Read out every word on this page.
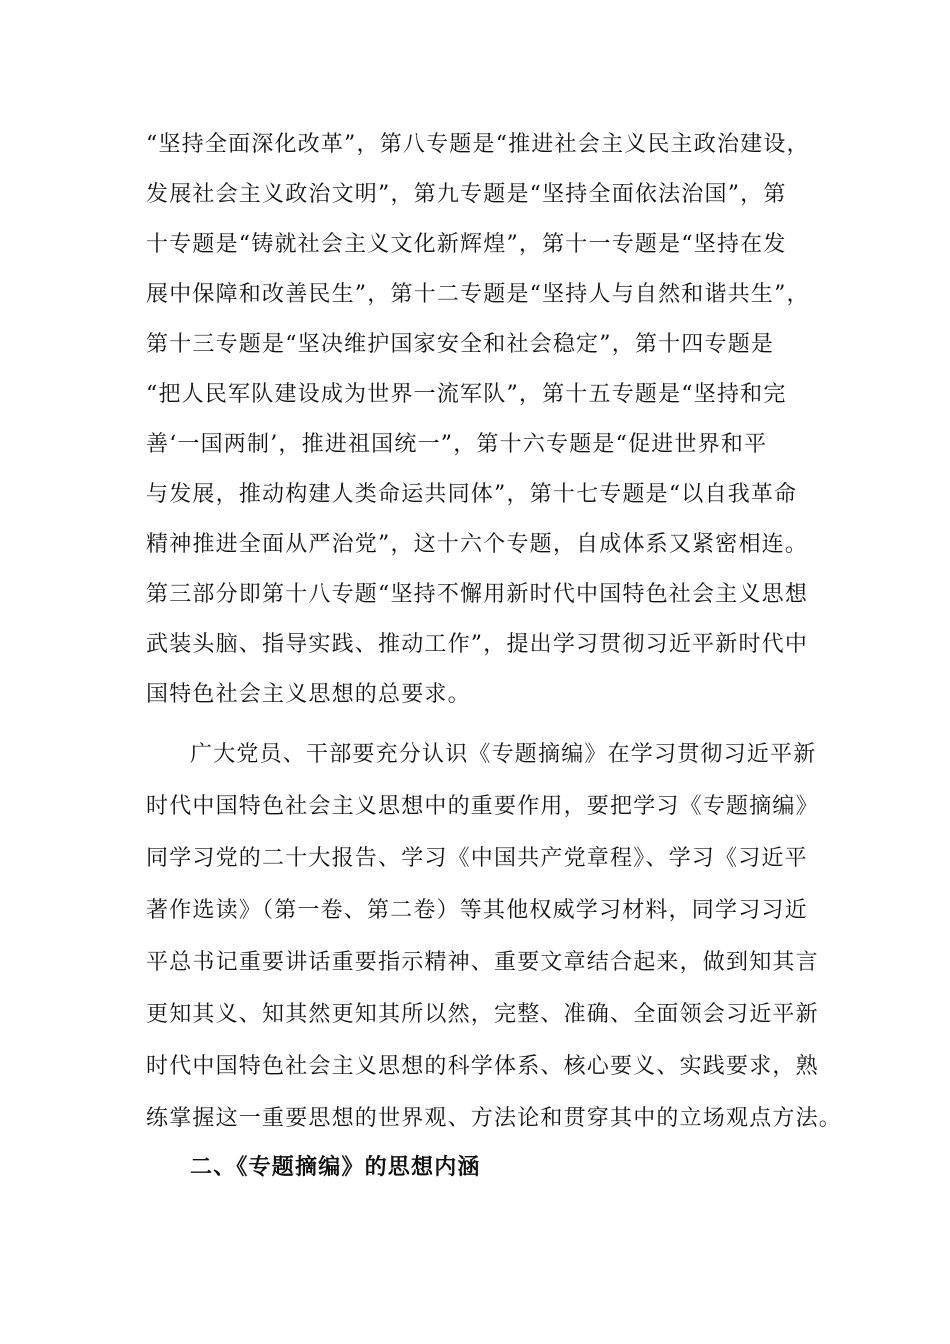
“坚持全面深化改革”，第八专题是“推进社会主义民主政治建设，
发展社会主义政治文明”，第九专题是“坚持全面依法治国”，第
十专题是“铸就社会主义文化新辉煌”，第十一专题是“坚持在发
展中保障和改善民生”，第十二专题是“坚持人与自然和谐共生”，
第十三专题是“坚决维护国家安全和社会稳定”，第十四专题是
“把人民军队建设成为世界一流军队”，第十五专题是“坚持和完
善‘一国两制’，推进祖国统一”，第十六专题是“促进世界和平
与发展，推动构建人类命运共同体”，第十七专题是“以自我革命
精神推进全面从严治党”，这十六个专题，自成体系又紧密相连。
第三部分即第十八专题“坚持不懈用新时代中国特色社会主义思想
武装头脑、指导实践、推动工作”，提出学习贯彻习近平新时代中
国特色社会主义思想的总要求。
广大党员、干部要充分认识《专题摘编》在学习贯彻习近平新
时代中国特色社会主义思想中的重要作用，要把学习《专题摘编》
同学习党的二十大报告、学习《中国共产党章程》、学习《习近平
著作选读》（第一卷、第二卷）等其他权威学习材料，同学习习近
平总书记重要讲话重要指示精神、重要文章结合起来，做到知其言
更知其义、知其然更知其所以然，完整、准确、全面领会习近平新
时代中国特色社会主义思想的科学体系、核心要义、实践要求，熟
练掌握这一重要思想的世界观、方法论和贯穿其中的立场观点方法。
二、《专题摘编》的思想内涵
